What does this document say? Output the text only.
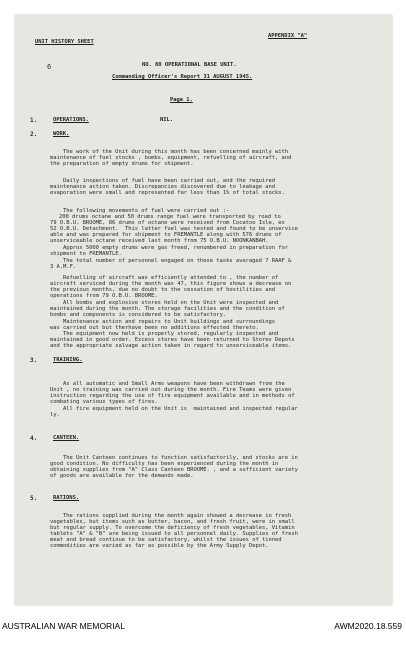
UNIT HISTORY SHEET
APPENDIX "A"
6	NO. 80 OPERATIONAL BASE UNIT.
Commanding Officer's Report 31 AUGUST 1945.
Page 1.
1.	OPERATIONS.	NIL.
2.	WORK.
The work of the Unit during this month has been concerned mainly with
maintenance of fuel stocks , bombs, equipment, refuelling of aircraft, and
the preparation of empty drums for shipment.
Daily inspections of fuel have been carried out, and the required
maintenance action taken. Discrepancies discovered due to leakage and
evaporation were small and represented far less than 1% of total stocks.
The following movements of fuel were carried out :-
200 drums octane and 50 drums range fuel were transported by road to
79 O.B.U. BROOME, 86 drums of octane were received from Cocatoo Isle, ex
52 O.B.U. Detachment.  This latter fuel was tested and found to be unservice
able and was prepared for shipment to FREMANTLE along with 576 drums of
unserviceable octane received last month from 75 O.B.U. NOONKANBAH.
Approx 5000 empty drums were gas freed, renumbered in preparation for
shipment to FREMANTLE.
The total number of personnel engaged on these tasks averaged 7 RAAF &
3 A.M.F.
Refuelling of aircraft was efficiently attended to , the number of
aircraft serviced during the month was 47, this figure shows a decrease on
the previous months, due no doubt to the cessation of hostilities and
operations from 79 O.B.U. BROOME.
All bombs and explosive stores held on the Unit were inspected and
maintained during the month. The storage facilities and the condition of
bombs and components is considered to be satisfactory.
Maintenance action and repairs to Unit buildings and surroundings
was carried out but therhave been no additions effected thereto.
The equipment now held is properly stored, regularly inspected and
maintained in good order. Excess stores have been returned to Stores Depots
and the appropriate salvage action taken in regard to unserviceable items.
3.	TRAINING.
As all automatic and Small Arms weapons have been withdrawn from the
Unit , no training was carried out during the month. Fire Teams were given
instruction regarding the use of fire equipment available and in methods of
combating various types of fires.
All fire equipment held on the Unit is  maintained and inspected regular
ly.
4.	CANTEEN.
The Unit Canteen continues to function satisfactorily, and stocks are in
good condition. No difficulty has been experienced during the month in
obtaining supplies from "A" Class Canteen BROOME. , and a sufficient variety
of goods are available for the demands made.
5.	RATIONS.
The rations supplied during the month again showed a decrease in fresh
vegetables, but items such as butter, bacon, and fresh fruit, were in small
but regular supply. To overcome the deficiency of fresh vegetables, Vitamin
tablets "A" & "B" are being issued to all personnel daily. Supplies of fresh
meat and bread continue to be satisfactory, whilst the issues of tinned
commodities are varied as far as possible by the Army Supply Depot.
AUSTRALIAN WAR MEMORIAL	AWM2020.18.559
